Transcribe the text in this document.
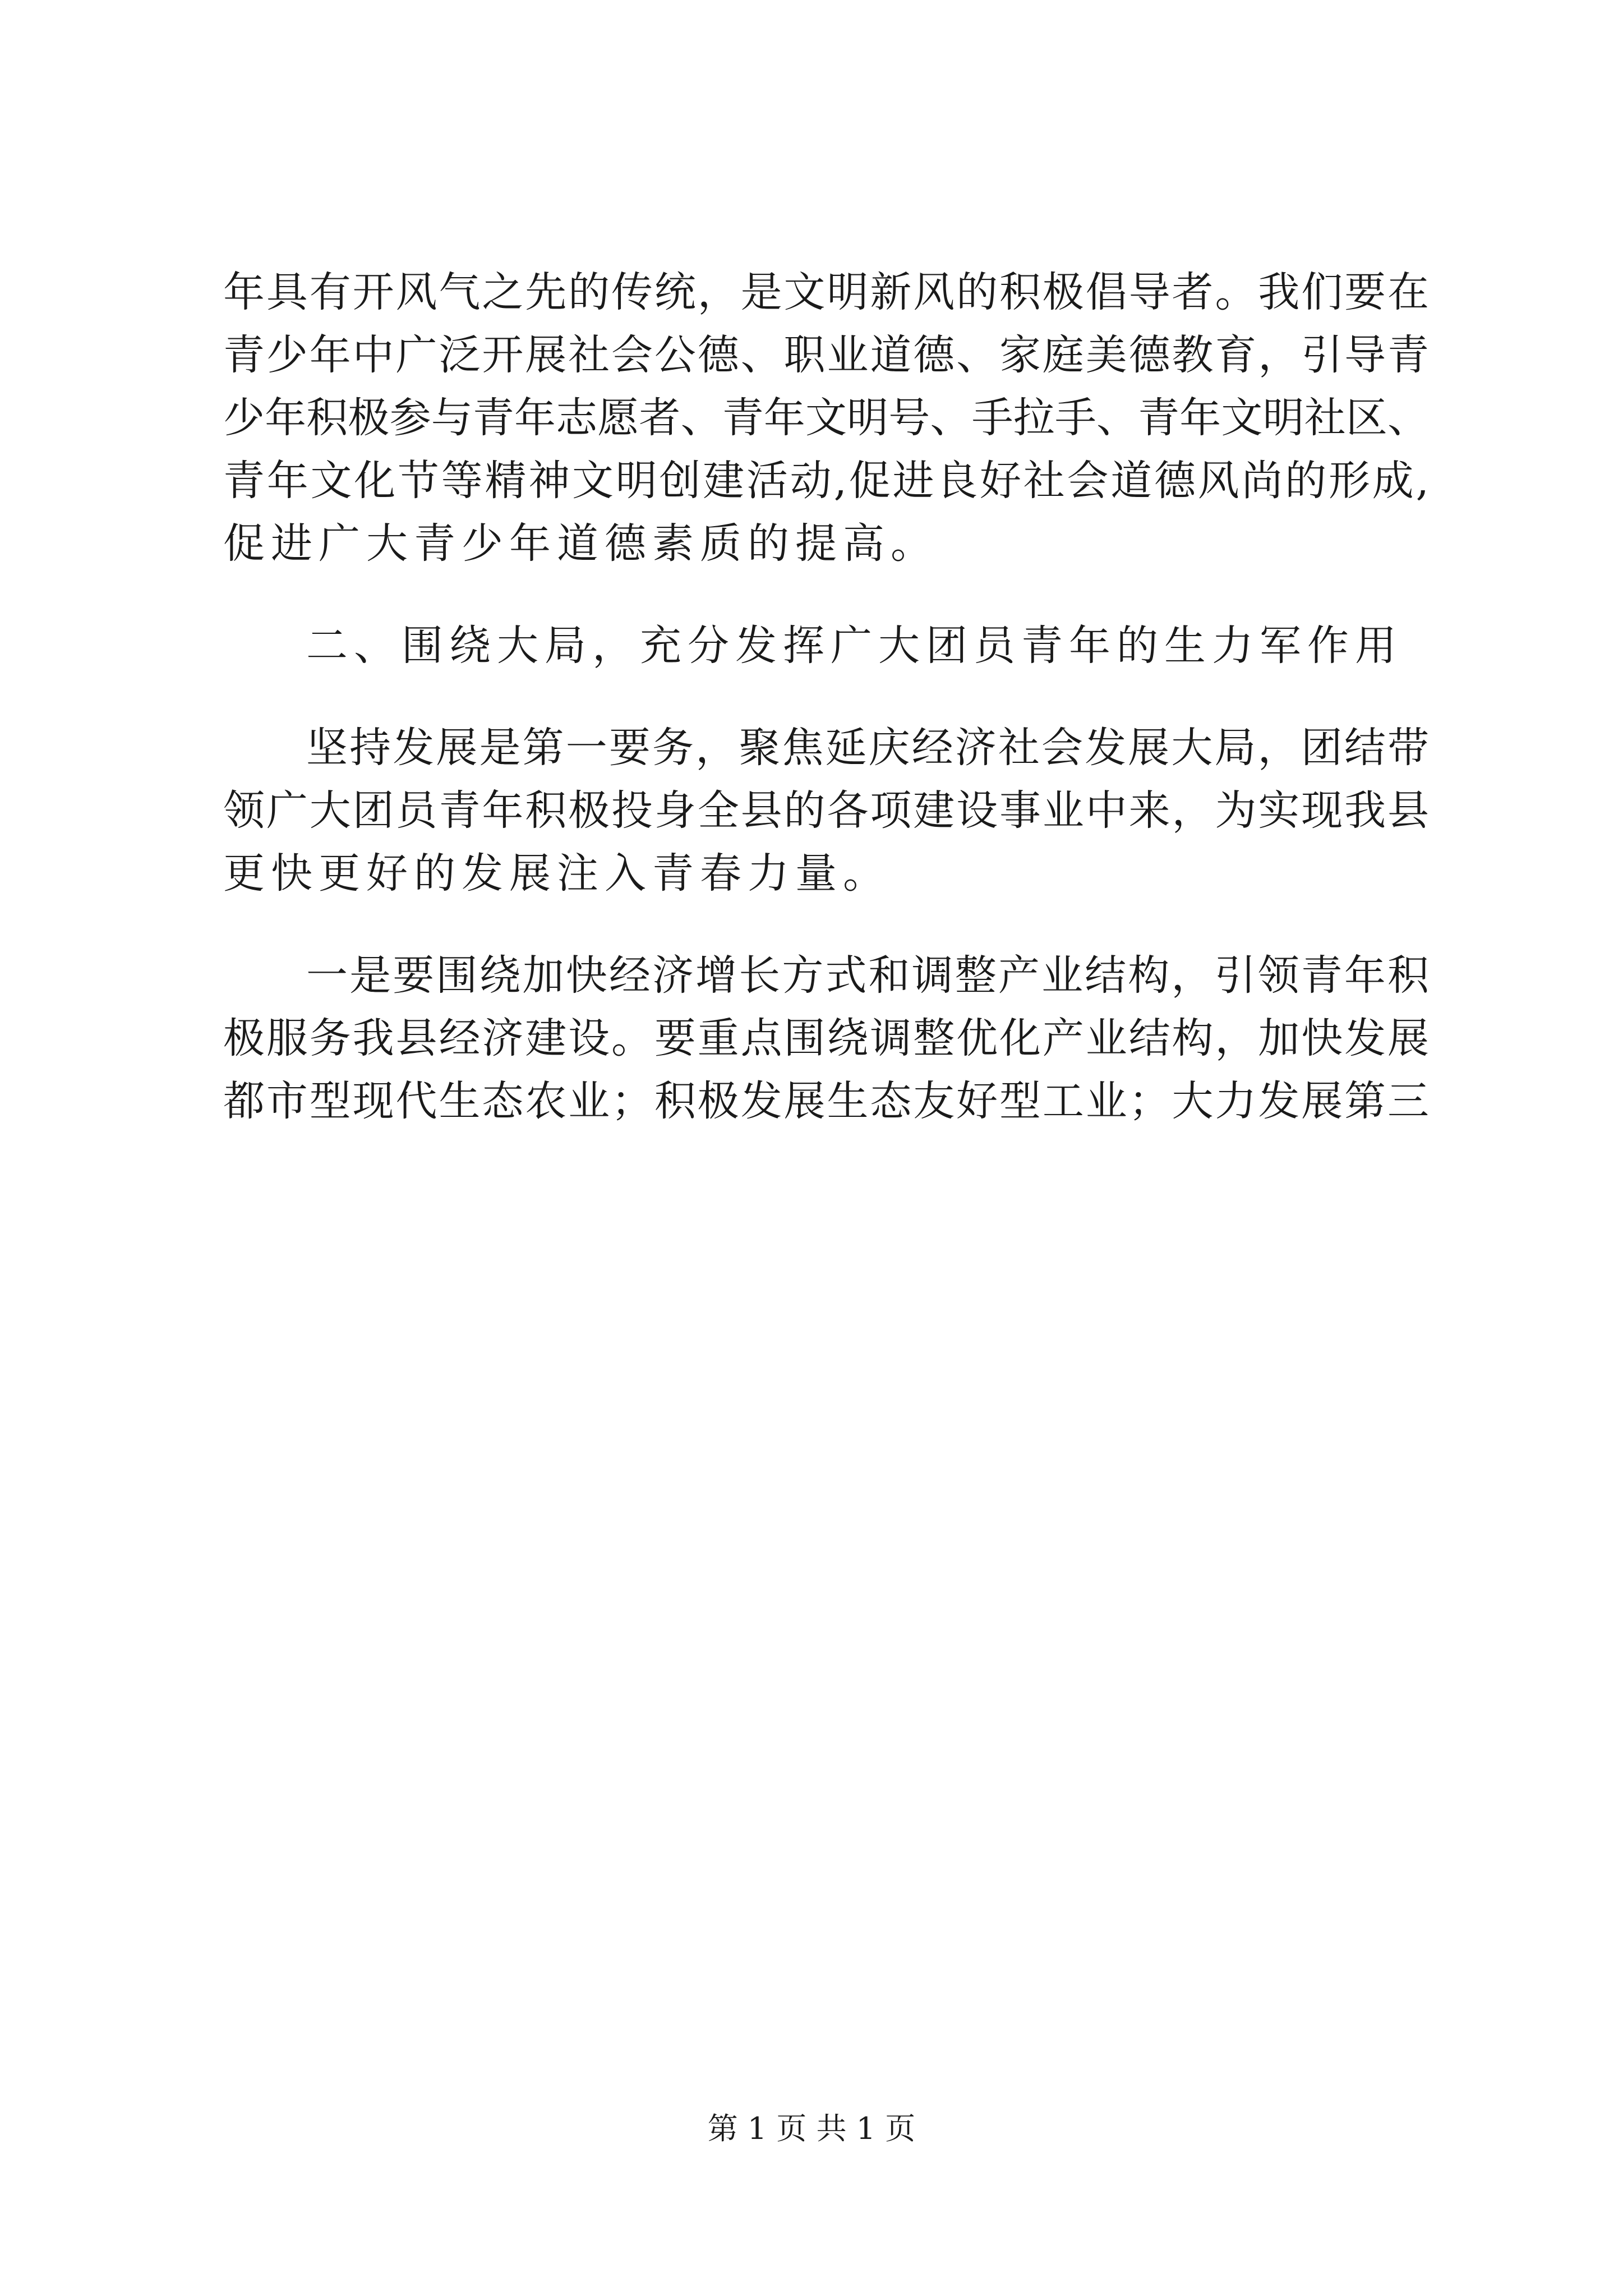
年具有开风气之先的传统，是文明新风的积极倡导者。我们要在

青少年中广泛开展社会公德、职业道德、家庭美德教育，引导青

少年积极参与青年志愿者、青年文明号、手拉手、青年文明社区、

青年文化节等精神文明创建活动,促进良好社会道德风尚的形成,

促进广大青少年道德素质的提高。

二、围绕大局，充分发挥广大团员青年的生力军作用

坚持发展是第一要务，聚焦延庆经济社会发展大局，团结带

领广大团员青年积极投身全县的各项建设事业中来，为实现我县

更快更好的发展注入青春力量。

一是要围绕加快经济增长方式和调整产业结构，引领青年积

极服务我县经济建设。要重点围绕调整优化产业结构，加快发展

都市型现代生态农业；积极发展生态友好型工业；大力发展第三

第 1 页 共 1 页
